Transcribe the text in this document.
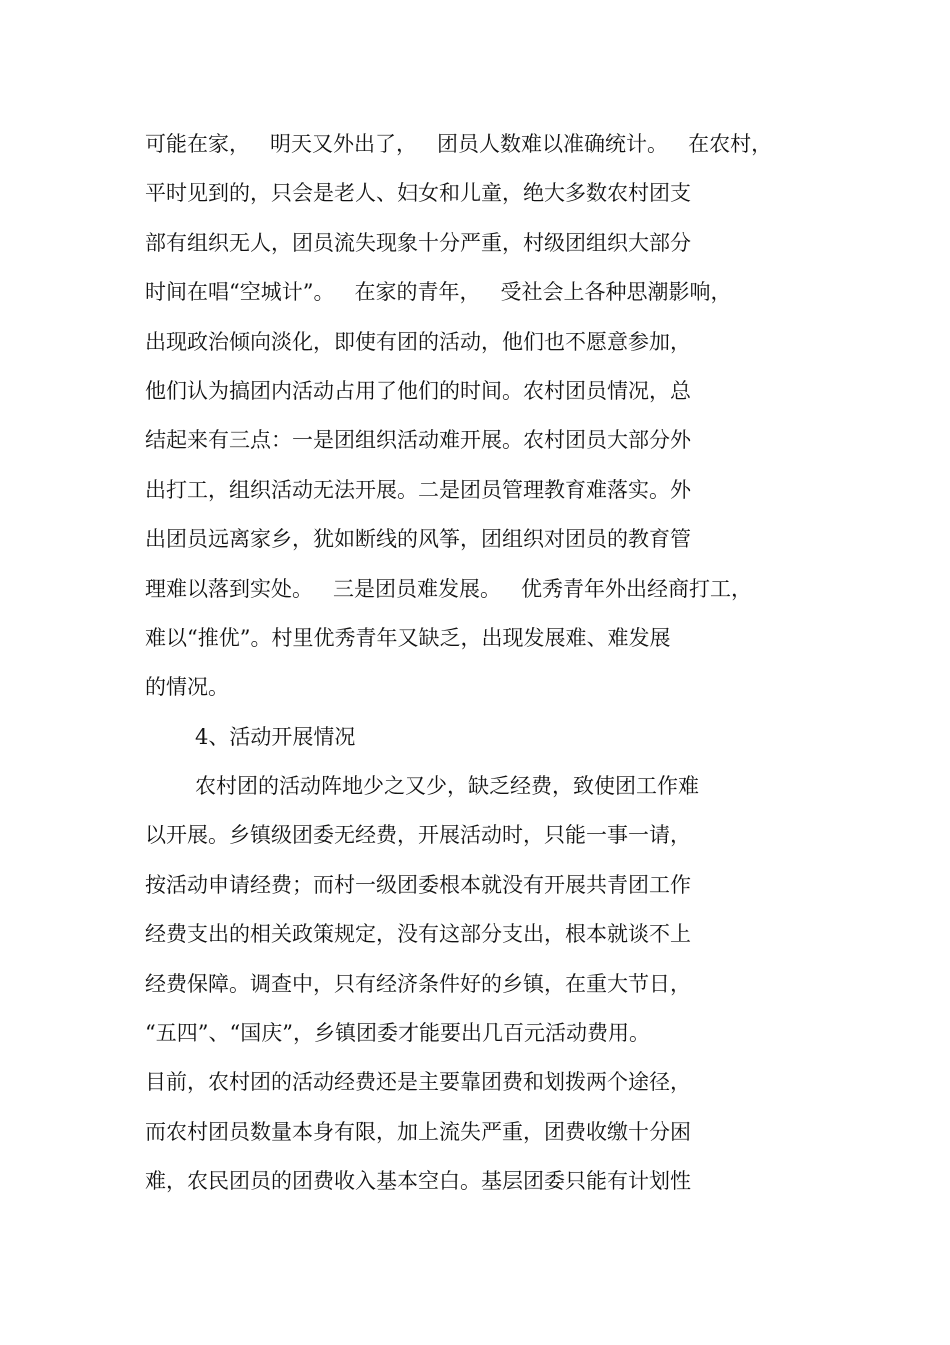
可能在家，   明天又外出了，   团员人数难以准确统计。   在农村，
平时见到的，只会是老人、妇女和儿童，绝大多数农村团支
部有组织无人，团员流失现象十分严重，村级团组织大部分
时间在唱“空城计”。   在家的青年，   受社会上各种思潮影响，
出现政治倾向淡化，即使有团的活动，他们也不愿意参加，
他们认为搞团内活动占用了他们的时间。农村团员情况，总
结起来有三点：一是团组织活动难开展。农村团员大部分外
出打工，组织活动无法开展。二是团员管理教育难落实。外
出团员远离家乡，犹如断线的风筝，团组织对团员的教育管
理难以落到实处。   三是团员难发展。   优秀青年外出经商打工，
难以“推优”。村里优秀青年又缺乏，出现发展难、难发展
的情况。
4、活动开展情况
农村团的活动阵地少之又少，缺乏经费，致使团工作难
以开展。乡镇级团委无经费，开展活动时，只能一事一请，
按活动申请经费；而村一级团委根本就没有开展共青团工作
经费支出的相关政策规定，没有这部分支出，根本就谈不上
经费保障。调查中，只有经济条件好的乡镇，在重大节日，
“五四”、“国庆”，乡镇团委才能要出几百元活动费用。
目前，农村团的活动经费还是主要靠团费和划拨两个途径，
而农村团员数量本身有限，加上流失严重，团费收缴十分困
难，农民团员的团费收入基本空白。基层团委只能有计划性
